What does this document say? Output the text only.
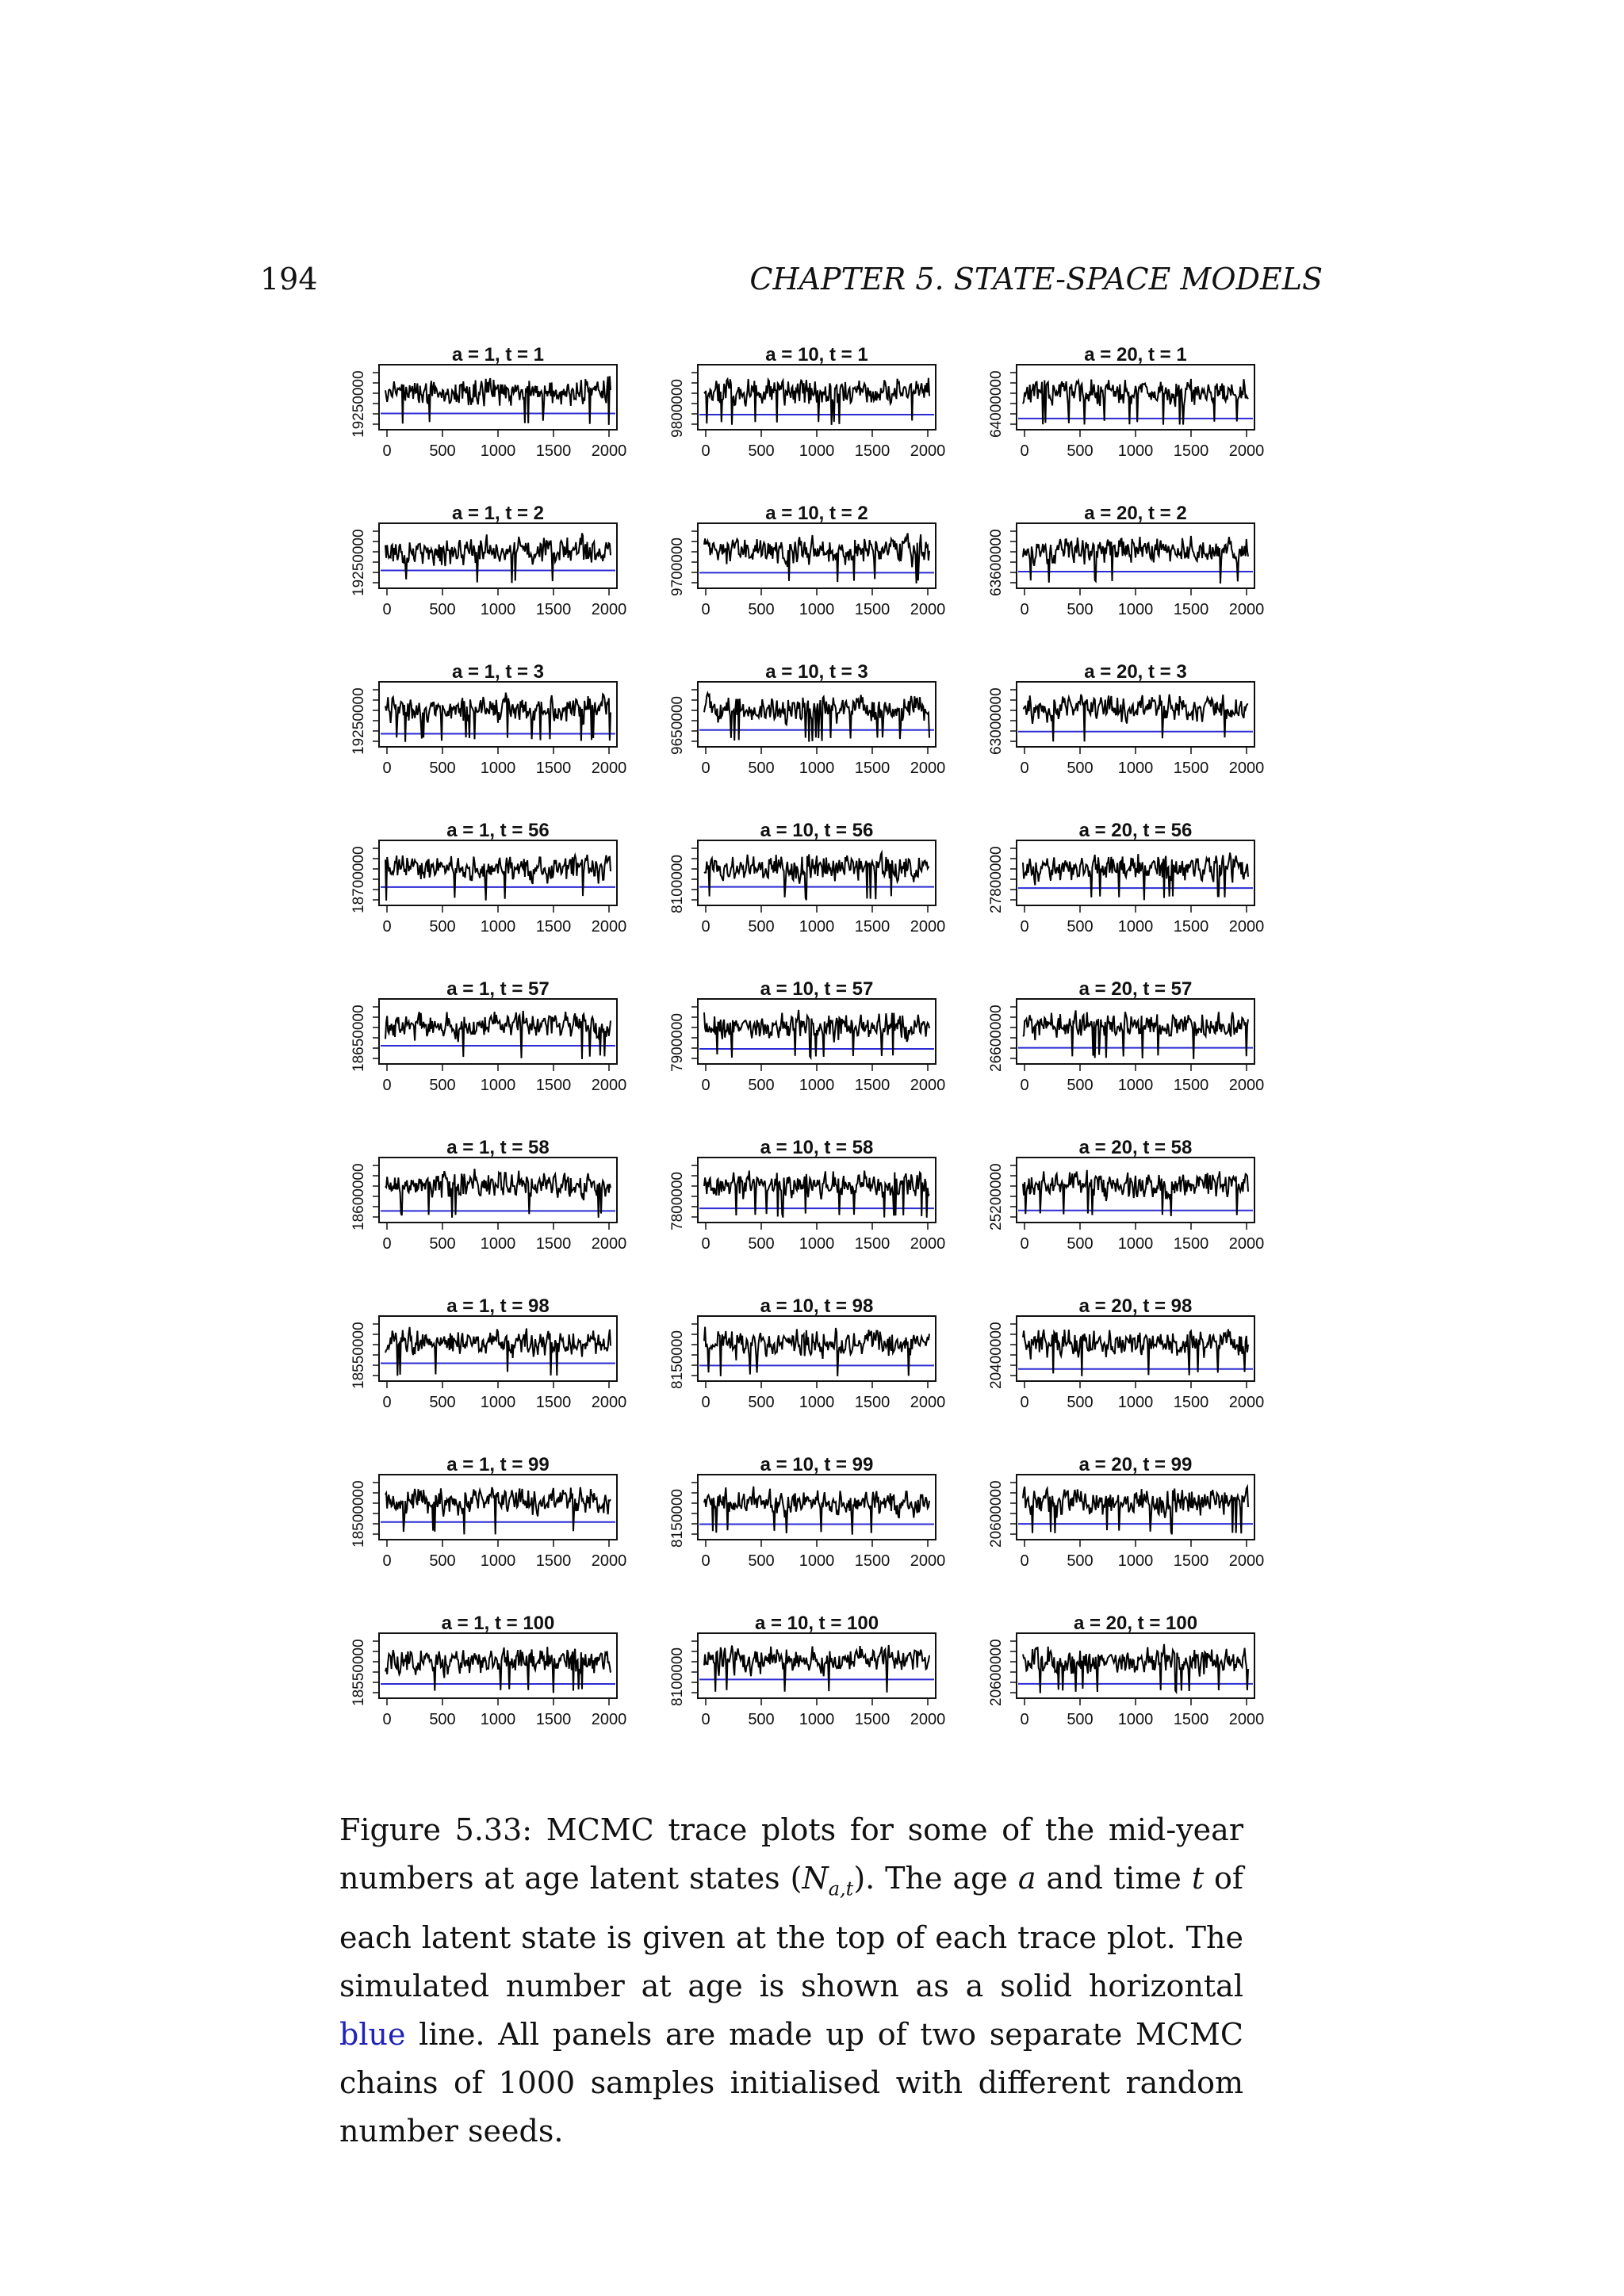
194	CHAPTER 5. STATE-SPACE MODELS
a = 1, t = 1
19250000
0 500 1000 1500 2000
a = 10, t = 1
9800000
0 500 1000 1500 2000
a = 20, t = 1
64000000
0 500 1000 1500 2000
a = 1, t = 2
19250000
0 500 1000 1500 2000
a = 10, t = 2
9700000
0 500 1000 1500 2000
a = 20, t = 2
63600000
0 500 1000 1500 2000
a = 1, t = 3
19250000
0 500 1000 1500 2000
a = 10, t = 3
9650000
0 500 1000 1500 2000
a = 20, t = 3
63000000
0 500 1000 1500 2000
a = 1, t = 56
18700000
0 500 1000 1500 2000
a = 10, t = 56
8100000
0 500 1000 1500 2000
a = 20, t = 56
27800000
0 500 1000 1500 2000
a = 1, t = 57
18650000
0 500 1000 1500 2000
a = 10, t = 57
7900000
0 500 1000 1500 2000
a = 20, t = 57
26600000
0 500 1000 1500 2000
a = 1, t = 58
18600000
0 500 1000 1500 2000
a = 10, t = 58
7800000
0 500 1000 1500 2000
a = 20, t = 58
25200000
0 500 1000 1500 2000
a = 1, t = 98
18550000
0 500 1000 1500 2000
a = 10, t = 98
8150000
0 500 1000 1500 2000
a = 20, t = 98
20400000
0 500 1000 1500 2000
a = 1, t = 99
18500000
0 500 1000 1500 2000
a = 10, t = 99
8150000
0 500 1000 1500 2000
a = 20, t = 99
20600000
0 500 1000 1500 2000
a = 1, t = 100
18550000
0 500 1000 1500 2000
a = 10, t = 100
8100000
0 500 1000 1500 2000
a = 20, t = 100
20600000
0 500 1000 1500 2000
Figure 5.33: MCMC trace plots for some of the mid-year numbers at age latent states $(N_{a,t})$. The age a and time t of each latent state is given at the top of each trace plot. The simulated number at age is shown as a solid horizontal blue line. All panels are made up of two separate MCMC chains of 1000 samples initialised with different random number seeds.
